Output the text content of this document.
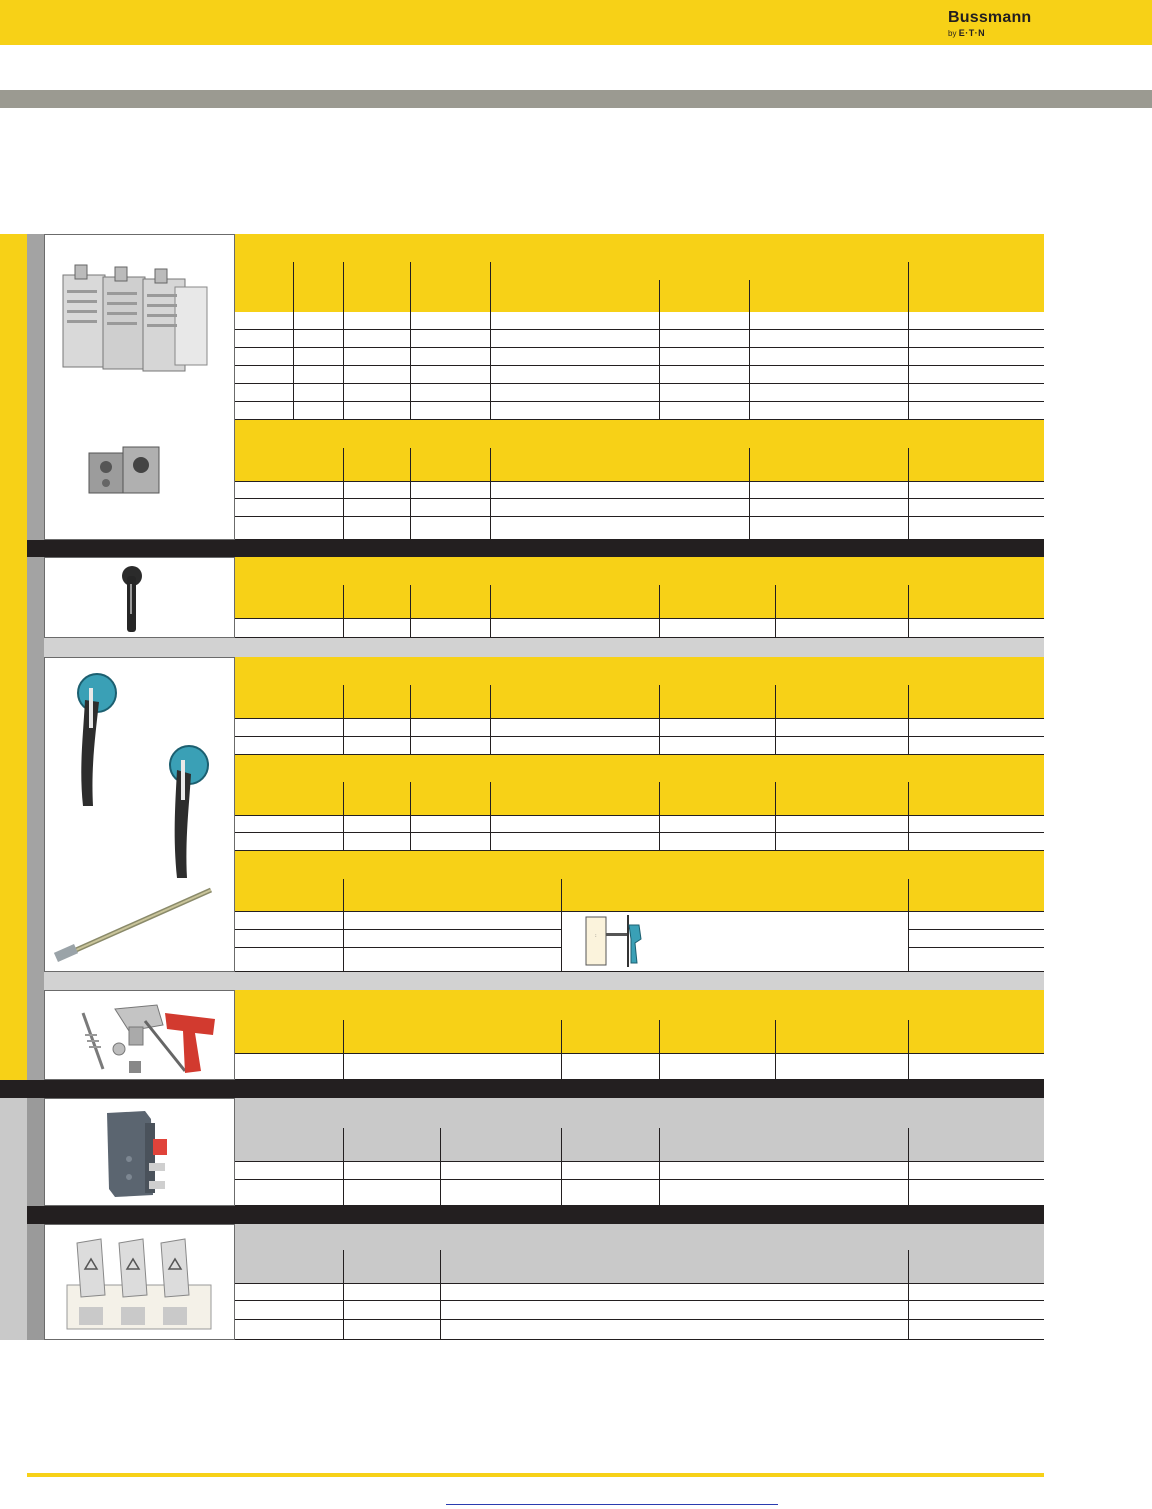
Bussmann
by E·T·N
:
